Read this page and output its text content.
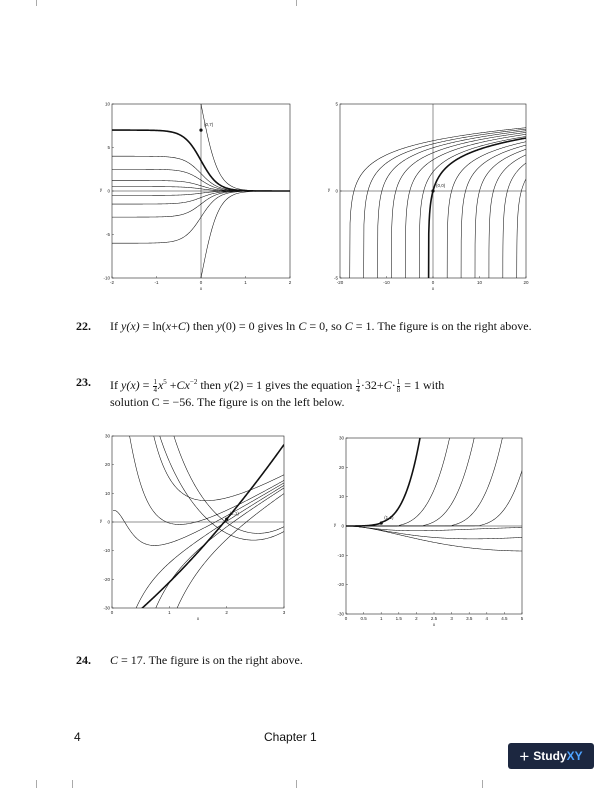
-2	-1	0	1	2
10
5
0
-5
-10
x
y
(0,7)
-20	-10	0	10	20
5
0
-5
x
y
(0,0)
22. If y(x) = ln(x+C) then y(0) = 0 gives ln C = 0, so C = 1. The figure is on the right above.
23. If $y(x) = \frac{1}{4} x^5 +Cx^{-2}$ then y(2) = 1 gives the equation $\frac{1}{4} \cdot 32+C\cdot \frac{1}{8} = 1$ with
solution C = −56. The figure is on the left below.
0	1	2	3
30
20
10
0
-10
-20
-30
x
y
(2,1)
0	0.5	1	1.5	2	2.5	3	3.5	4	4.5	5
30
20
10
0
-10
-20
-30
x
y
(1,1)
24. C = 17. The figure is on the right above.
4	Chapter 1
+ StudyXY
